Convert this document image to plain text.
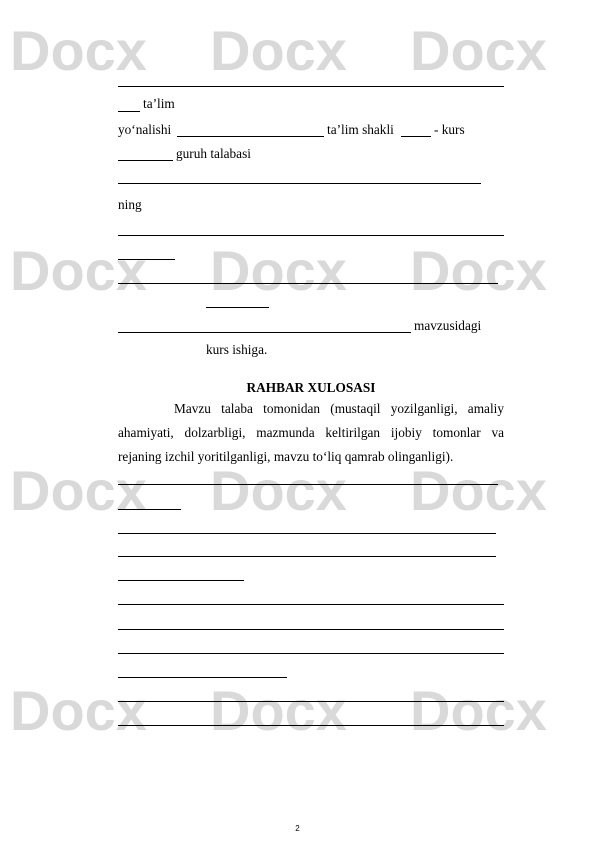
Docx Docx Docx
Docx Docx Docx
Docx Docx Docx
Docx Docx Docx
ta’lim
yo‘nalishi	ta’lim shakli	- kurs
guruh talabasi
ning
mavzusidagi
kurs ishiga.
RAHBAR XULOSASI
Mavzu talaba tomonidan (mustaqil yozilganligi, amaliy ahamiyati, dolzarbligi, mazmunda keltirilgan ijobiy tomonlar va rejaning izchil yoritilganligi, mavzu to‘liq qamrab olinganligi).
2
